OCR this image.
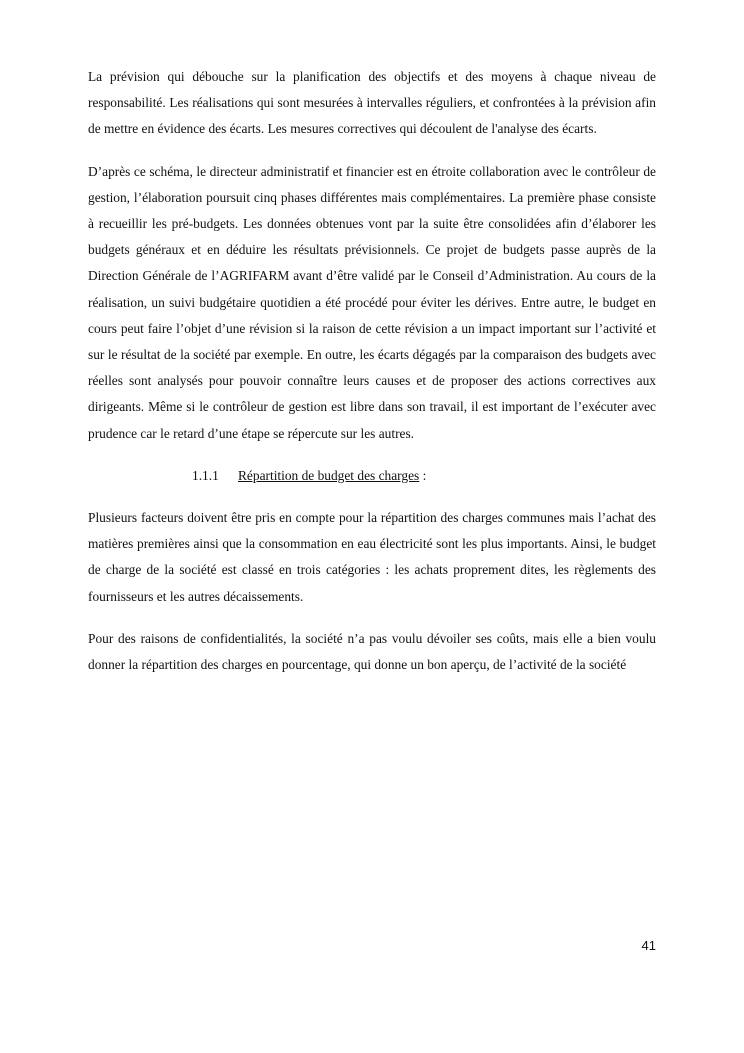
La prévision qui débouche sur la planification des objectifs et des moyens à chaque niveau de responsabilité. Les réalisations qui sont mesurées à intervalles réguliers, et confrontées à la prévision afin de mettre en évidence des écarts. Les mesures correctives qui découlent de l'analyse des écarts.

D’après ce schéma, le directeur administratif et financier est en étroite collaboration avec le contrôleur de gestion, l’élaboration poursuit cinq phases différentes mais complémentaires. La première phase consiste à recueillir les pré-budgets. Les données obtenues vont par la suite être consolidées afin d’élaborer les budgets généraux et en déduire les résultats prévisionnels. Ce projet de budgets passe auprès de la Direction Générale de l’AGRIFARM avant d’être validé par le Conseil d’Administration. Au cours de la réalisation, un suivi budgétaire quotidien a été procédé pour éviter les dérives. Entre autre, le budget en cours peut faire l’objet d’une révision si la raison de cette révision a un impact important sur l’activité et sur le résultat de la société par exemple. En outre, les écarts dégagés par la comparaison des budgets avec réelles sont analysés pour pouvoir connaître leurs causes et de proposer des actions correctives aux dirigeants. Même si le contrôleur de gestion est libre dans son travail, il est important de l’exécuter avec prudence car le retard d’une étape se répercute sur les autres.

1.1.1 Répartition de budget des charges :

Plusieurs facteurs doivent être pris en compte pour la répartition des charges communes mais l’achat des matières premières ainsi que la consommation en eau électricité sont les plus importants. Ainsi, le budget de charge de la société est classé en trois catégories : les achats proprement dites, les règlements des fournisseurs et les autres décaissements.

Pour des raisons de confidentialités, la société n’a pas voulu dévoiler ses coûts, mais elle a bien voulu donner la répartition des charges en pourcentage, qui donne un bon aperçu, de l’activité de la société

41
